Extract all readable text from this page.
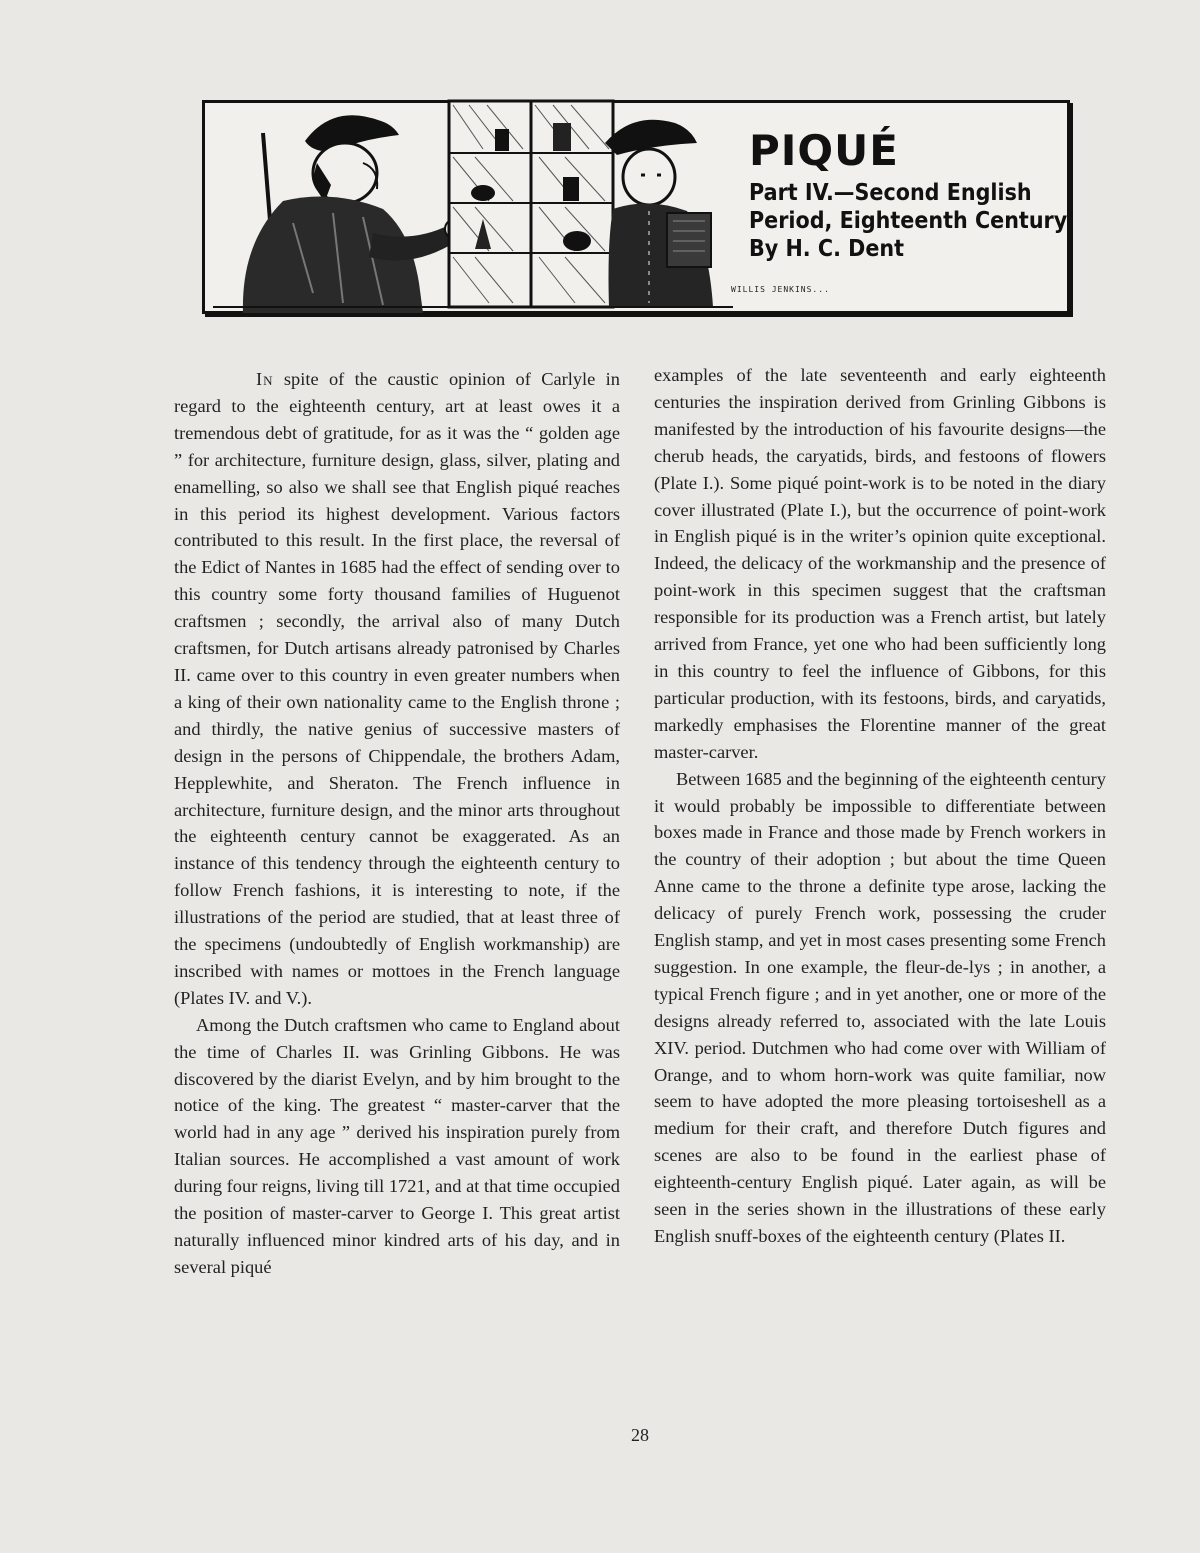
PIQUÉ
Part IV.—Second English
Period, Eighteenth Century
By H. C. Dent
WILLIS JENKINS...

In spite of the caustic opinion of Carlyle in regard to the eighteenth century, art at least owes it a tremendous debt of gratitude, for as it was the “ golden age ” for architecture, furniture design, glass, silver, plating and enamelling, so also we shall see that English piqué reaches in this period its highest development. Various factors contributed to this result. In the first place, the reversal of the Edict of Nantes in 1685 had the effect of sending over to this country some forty thousand families of Huguenot craftsmen ; secondly, the arrival also of many Dutch craftsmen, for Dutch artisans already patronised by Charles II. came over to this country in even greater numbers when a king of their own nationality came to the English throne ; and thirdly, the native genius of successive masters of design in the persons of Chippendale, the brothers Adam, Hepplewhite, and Sheraton. The French influence in architecture, furniture design, and the minor arts throughout the eighteenth century cannot be exaggerated. As an instance of this tendency through the eighteenth century to follow French fashions, it is interesting to note, if the illustrations of the period are studied, that at least three of the specimens (undoubtedly of English workmanship) are inscribed with names or mottoes in the French language (Plates IV. and V.).

Among the Dutch craftsmen who came to England about the time of Charles II. was Grinling Gibbons. He was discovered by the diarist Evelyn, and by him brought to the notice of the king. The greatest “ master-carver that the world had in any age ” derived his inspiration purely from Italian sources. He accomplished a vast amount of work during four reigns, living till 1721, and at that time occupied the position of master-carver to George I. This great artist naturally influenced minor kindred arts of his day, and in several piqué

examples of the late seventeenth and early eighteenth centuries the inspiration derived from Grinling Gibbons is manifested by the introduction of his favourite designs—the cherub heads, the caryatids, birds, and festoons of flowers (Plate I.). Some piqué point-work is to be noted in the diary cover illustrated (Plate I.), but the occurrence of point-work in English piqué is in the writer’s opinion quite exceptional. Indeed, the delicacy of the workmanship and the presence of point-work in this specimen suggest that the craftsman responsible for its production was a French artist, but lately arrived from France, yet one who had been sufficiently long in this country to feel the influence of Gibbons, for this particular production, with its festoons, birds, and caryatids, markedly emphasises the Florentine manner of the great master-carver.

Between 1685 and the beginning of the eighteenth century it would probably be impossible to differentiate between boxes made in France and those made by French workers in the country of their adoption ; but about the time Queen Anne came to the throne a definite type arose, lacking the delicacy of purely French work, possessing the cruder English stamp, and yet in most cases presenting some French suggestion. In one example, the fleur-de-lys ; in another, a typical French figure ; and in yet another, one or more of the designs already referred to, associated with the late Louis XIV. period. Dutchmen who had come over with William of Orange, and to whom horn-work was quite familiar, now seem to have adopted the more pleasing tortoiseshell as a medium for their craft, and therefore Dutch figures and scenes are also to be found in the earliest phase of eighteenth-century English piqué. Later again, as will be seen in the series shown in the illustrations of these early English snuff-boxes of the eighteenth century (Plates II.

28
